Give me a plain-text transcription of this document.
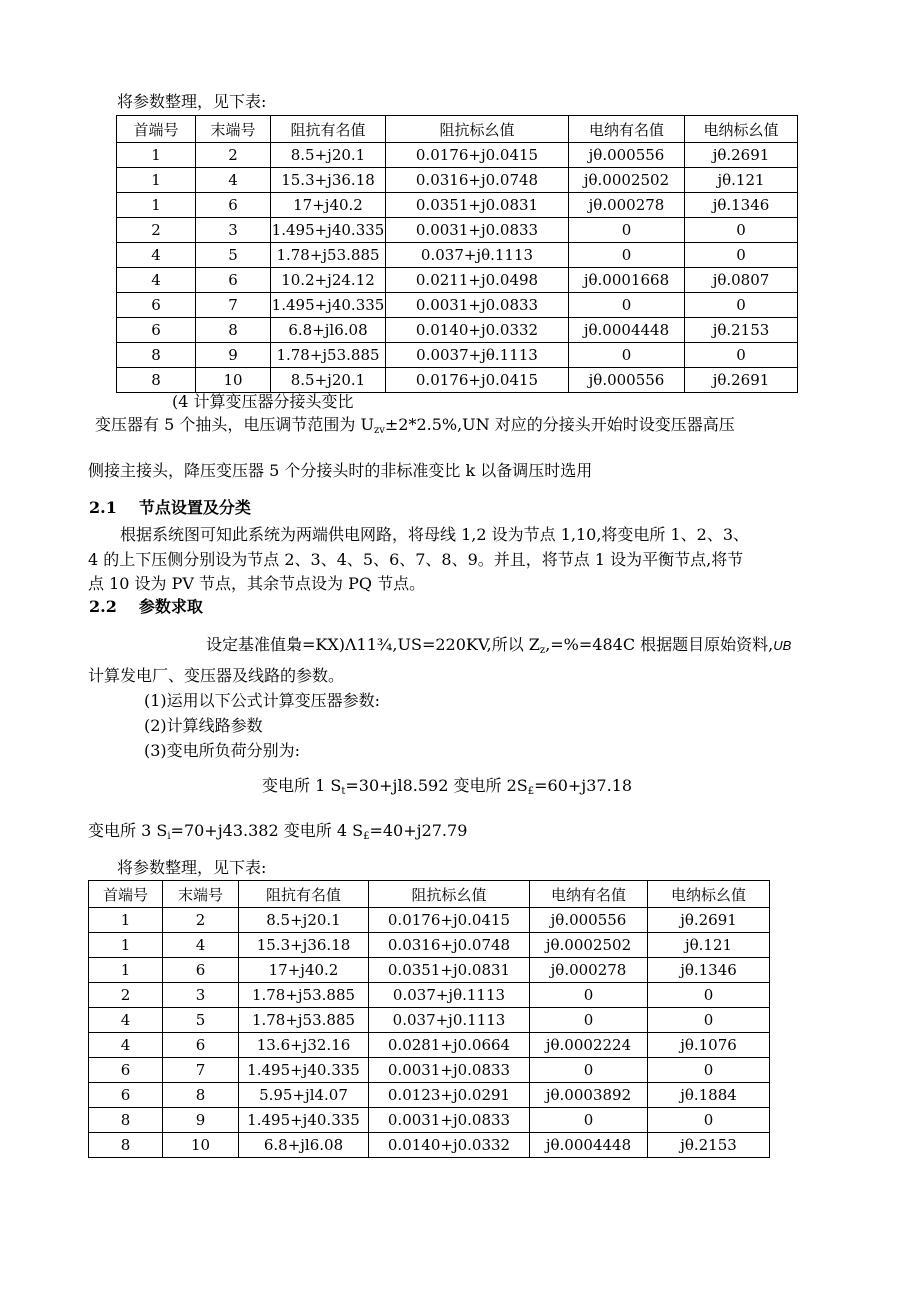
将参数整理，见下表:
首端号	末端号	阻抗有名值	阻抗标幺值	电纳有名值	电纳标幺值
1	2	8.5+j20.1	0.0176+j0.0415	jθ.000556	jθ.2691
1	4	15.3+j36.18	0.0316+j0.0748	jθ.0002502	jθ.121
1	6	17+j40.2	0.0351+j0.0831	jθ.000278	jθ.1346
2	3	1.495+j40.335	0.0031+j0.0833	0	0
4	5	1.78+j53.885	0.037+jθ.1113	0	0
4	6	10.2+j24.12	0.0211+j0.0498	jθ.0001668	jθ.0807
6	7	1.495+j40.335	0.0031+j0.0833	0	0
6	8	6.8+jl6.08	0.0140+j0.0332	jθ.0004448	jθ.2153
8	9	1.78+j53.885	0.0037+jθ.1113	0	0
8	10	8.5+j20.1	0.0176+j0.0415	jθ.000556	jθ.2691
(4 计算变压器分接头变比
变压器有 5 个抽头，电压调节范围为 $U_{zv}\pm 2*2.5\%,UN$ 对应的分接头开始时设变压器高压
侧接主接头，降压变压器 5 个分接头时的非标准变比 k 以备调压时选用
2.1 节点设置及分类
根据系统图可知此系统为两端供电网路，将母线 1,2 设为节点 1,10,将变电所 1、2、3、
4 的上下压侧分别设为节点 2、3、4、5、6、7、8、9。并且，将节点 1 设为平衡节点,将节
点 10 设为 PV 节点，其余节点设为 PQ 节点。
2.2 参数求取
设定基准值梟=KX)Λ11¾,US=220KV,所以 $Z_z,=\%=484C$ 根据题目原始资料,UB
计算发电厂、变压器及线路的参数。
(1)运用以下公式计算变压器参数:
(2)计算线路参数
(3)变电所负荷分别为:
变电所 1 $S_t=30+jl8.592$ 变电所 $2S_£=60+j37.18$
变电所 3 $S_i=70+j43.382$ 变电所 4 $S_£=40+j27.79$
将参数整理，见下表:
首端号	末端号	阻抗有名值	阻抗标幺值	电纳有名值	电纳标幺值
1	2	8.5+j20.1	0.0176+j0.0415	jθ.000556	jθ.2691
1	4	15.3+j36.18	0.0316+j0.0748	jθ.0002502	jθ.121
1	6	17+j40.2	0.0351+j0.0831	jθ.000278	jθ.1346
2	3	1.78+j53.885	0.037+jθ.1113	0	0
4	5	1.78+j53.885	0.037+j0.1113	0	0
4	6	13.6+j32.16	0.0281+j0.0664	jθ.0002224	jθ.1076
6	7	1.495+j40.335	0.0031+j0.0833	0	0
6	8	5.95+jl4.07	0.0123+j0.0291	jθ.0003892	jθ.1884
8	9	1.495+j40.335	0.0031+j0.0833	0	0
8	10	6.8+jl6.08	0.0140+j0.0332	jθ.0004448	jθ.2153
